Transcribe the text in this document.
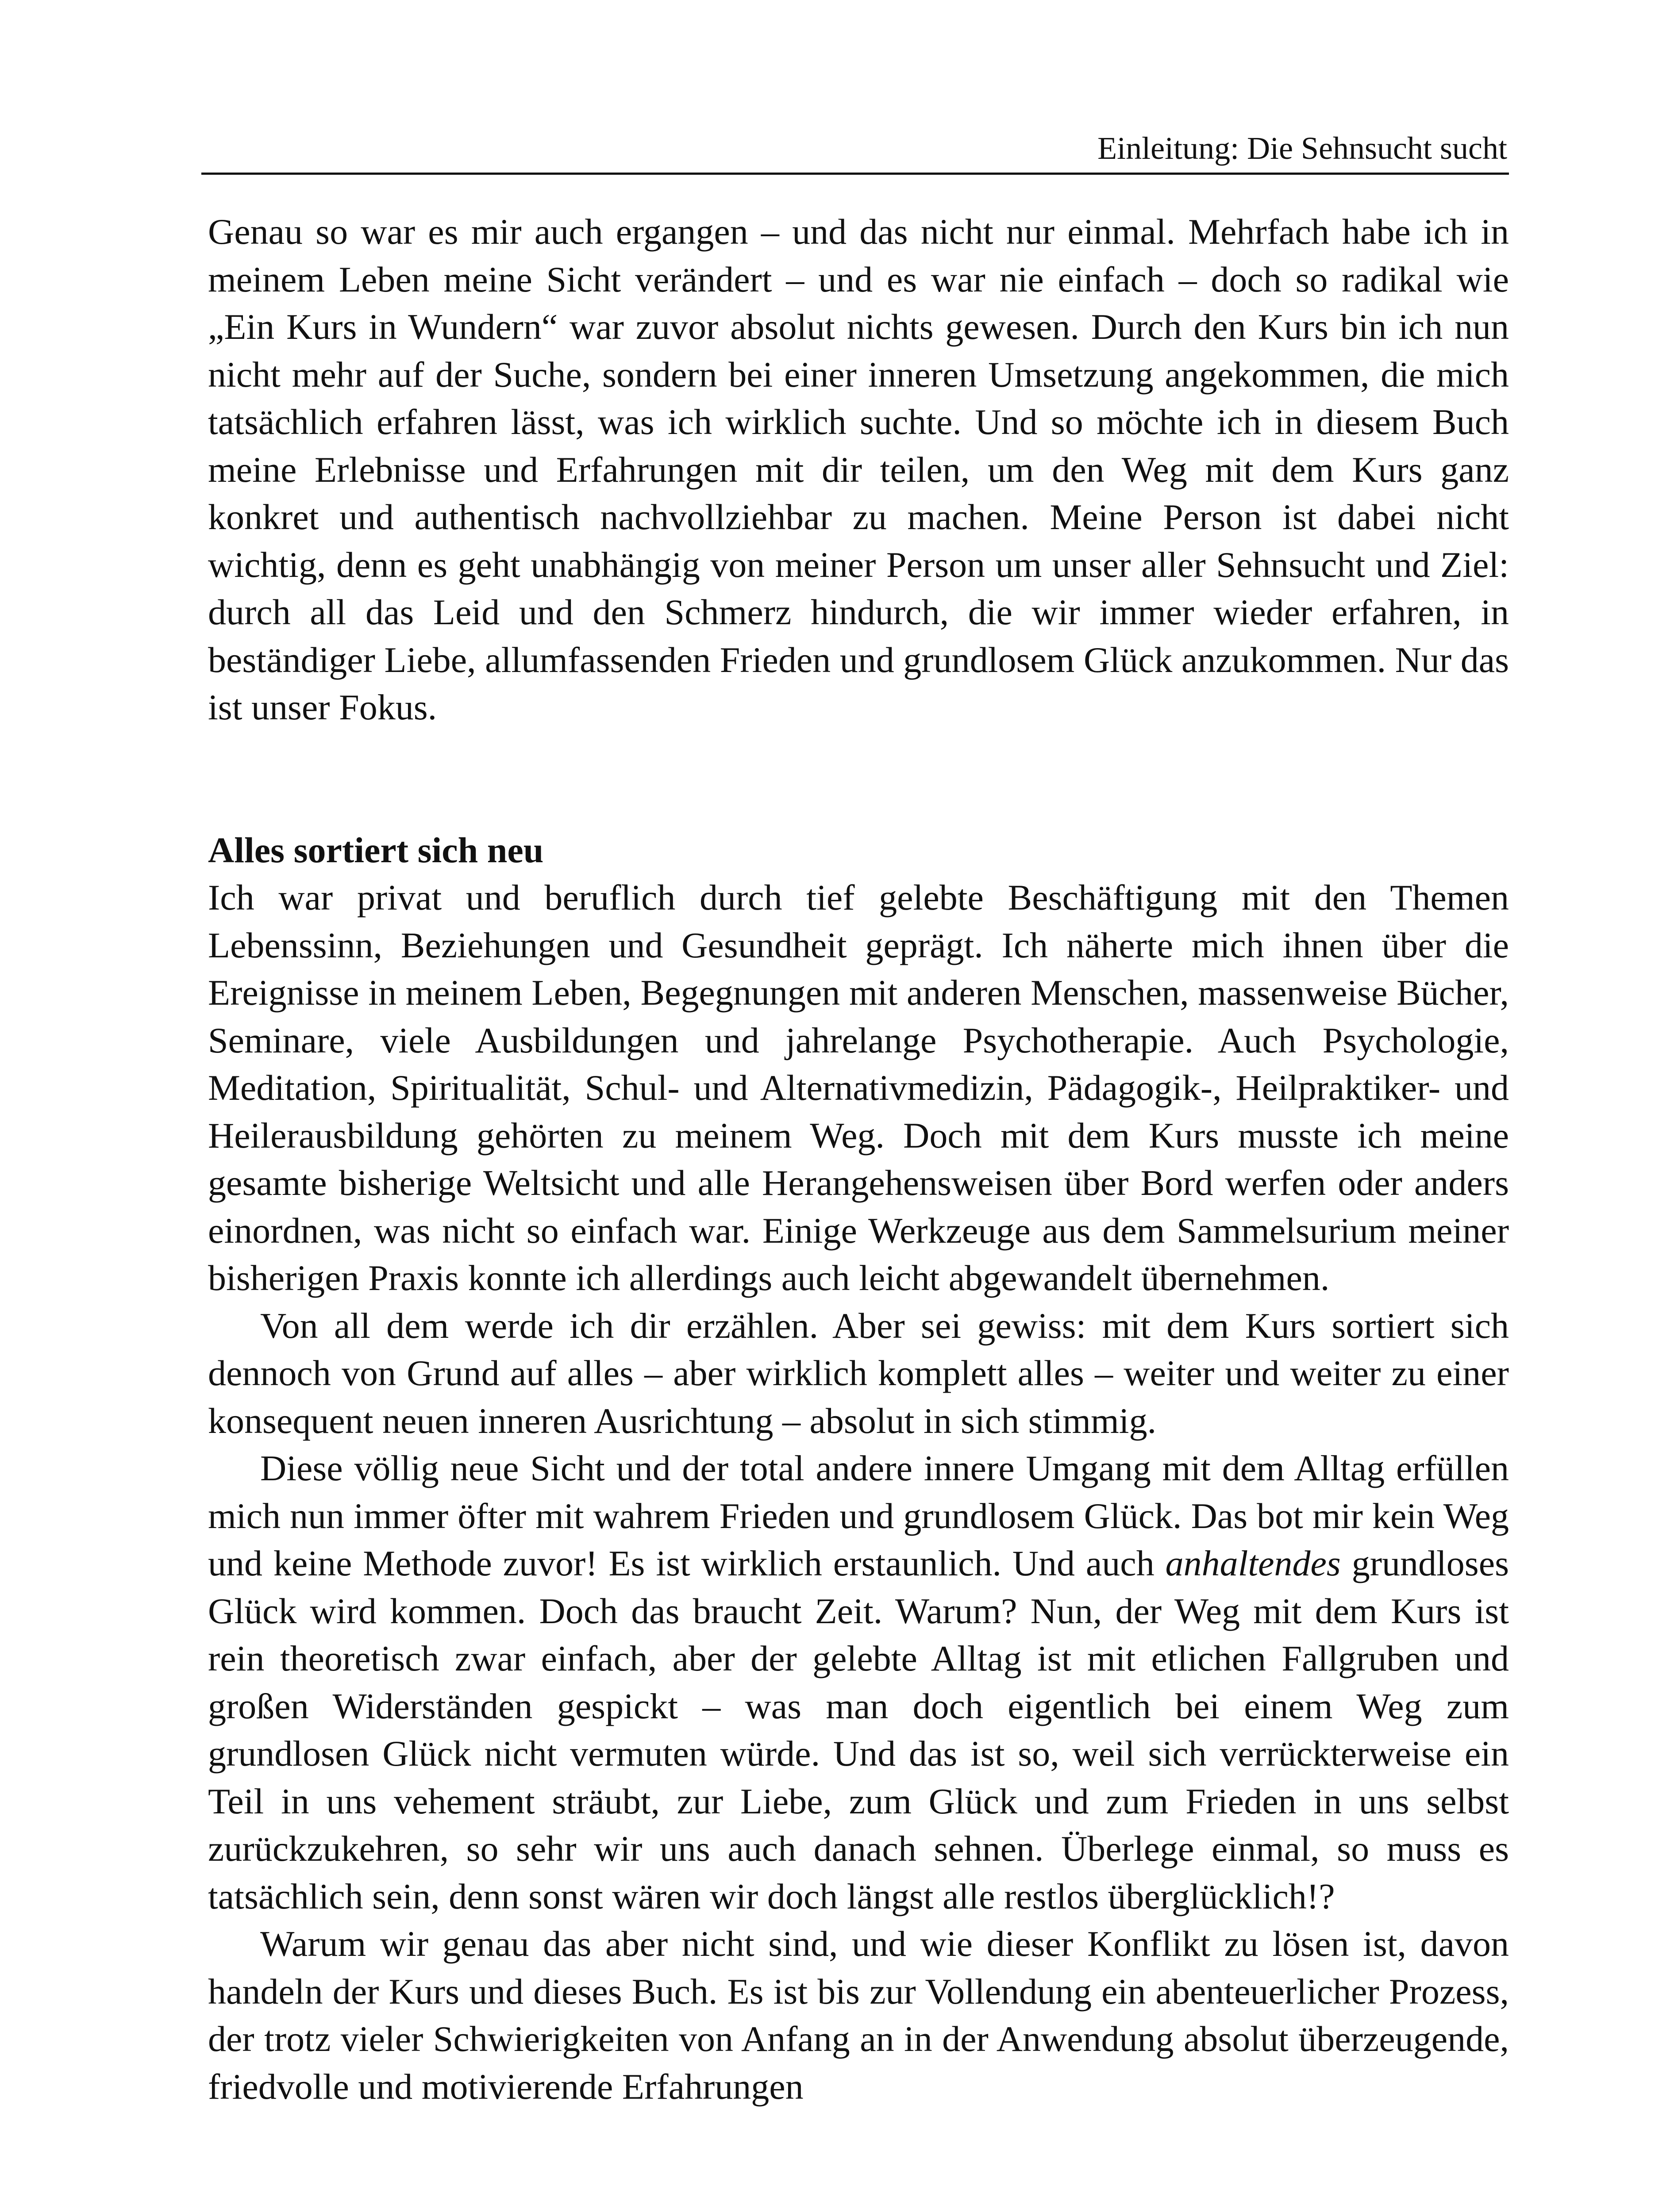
Einleitung: Die Sehnsucht sucht

Genau so war es mir auch ergangen – und das nicht nur einmal. Mehrfach habe ich in meinem Leben meine Sicht verändert – und es war nie einfach – doch so radikal wie „Ein Kurs in Wundern“ war zuvor absolut nichts gewesen. Durch den Kurs bin ich nun nicht mehr auf der Suche, sondern bei einer inneren Umsetzung angekommen, die mich tatsächlich erfahren lässt, was ich wirklich suchte. Und so möchte ich in diesem Buch meine Erlebnisse und Erfahrungen mit dir teilen, um den Weg mit dem Kurs ganz konkret und authentisch nachvollziehbar zu machen. Meine Person ist dabei nicht wichtig, denn es geht unabhängig von meiner Person um unser aller Sehnsucht und Ziel: durch all das Leid und den Schmerz hindurch, die wir immer wieder erfahren, in beständiger Liebe, allumfassenden Frieden und grundlosem Glück anzukommen. Nur das ist unser Fokus.

Alles sortiert sich neu

Ich war privat und beruflich durch tief gelebte Beschäftigung mit den Themen Lebenssinn, Beziehungen und Gesundheit geprägt. Ich näherte mich ihnen über die Ereignisse in meinem Leben, Begegnungen mit anderen Menschen, massenweise Bücher, Seminare, viele Ausbildungen und jahrelange Psychotherapie. Auch Psychologie, Meditation, Spiritualität, Schul- und Alternativmedizin, Pädagogik-, Heilpraktiker- und Heilerausbildung gehörten zu meinem Weg. Doch mit dem Kurs musste ich meine gesamte bisherige Weltsicht und alle Herangehensweisen über Bord werfen oder anders einordnen, was nicht so einfach war. Einige Werkzeuge aus dem Sammelsurium meiner bisherigen Praxis konnte ich allerdings auch leicht abgewandelt übernehmen.

Von all dem werde ich dir erzählen. Aber sei gewiss: mit dem Kurs sortiert sich dennoch von Grund auf alles – aber wirklich komplett alles – weiter und weiter zu einer konsequent neuen inneren Ausrichtung – absolut in sich stimmig.

Diese völlig neue Sicht und der total andere innere Umgang mit dem Alltag erfüllen mich nun immer öfter mit wahrem Frieden und grundlosem Glück. Das bot mir kein Weg und keine Methode zuvor! Es ist wirklich erstaunlich. Und auch anhaltendes grundloses Glück wird kommen. Doch das braucht Zeit. Warum? Nun, der Weg mit dem Kurs ist rein theoretisch zwar einfach, aber der gelebte Alltag ist mit etlichen Fallgruben und großen Widerständen gespickt – was man doch eigentlich bei einem Weg zum grundlosen Glück nicht vermuten würde. Und das ist so, weil sich verrückterweise ein Teil in uns vehement sträubt, zur Liebe, zum Glück und zum Frieden in uns selbst zurückzukehren, so sehr wir uns auch danach sehnen. Überlege einmal, so muss es tatsächlich sein, denn sonst wären wir doch längst alle restlos überglücklich!?

Warum wir genau das aber nicht sind, und wie dieser Konflikt zu lösen ist, davon handeln der Kurs und dieses Buch. Es ist bis zur Vollendung ein abenteuerlicher Prozess, der trotz vieler Schwierigkeiten von Anfang an in der Anwendung absolut überzeugende, friedvolle und motivierende Erfahrungen
